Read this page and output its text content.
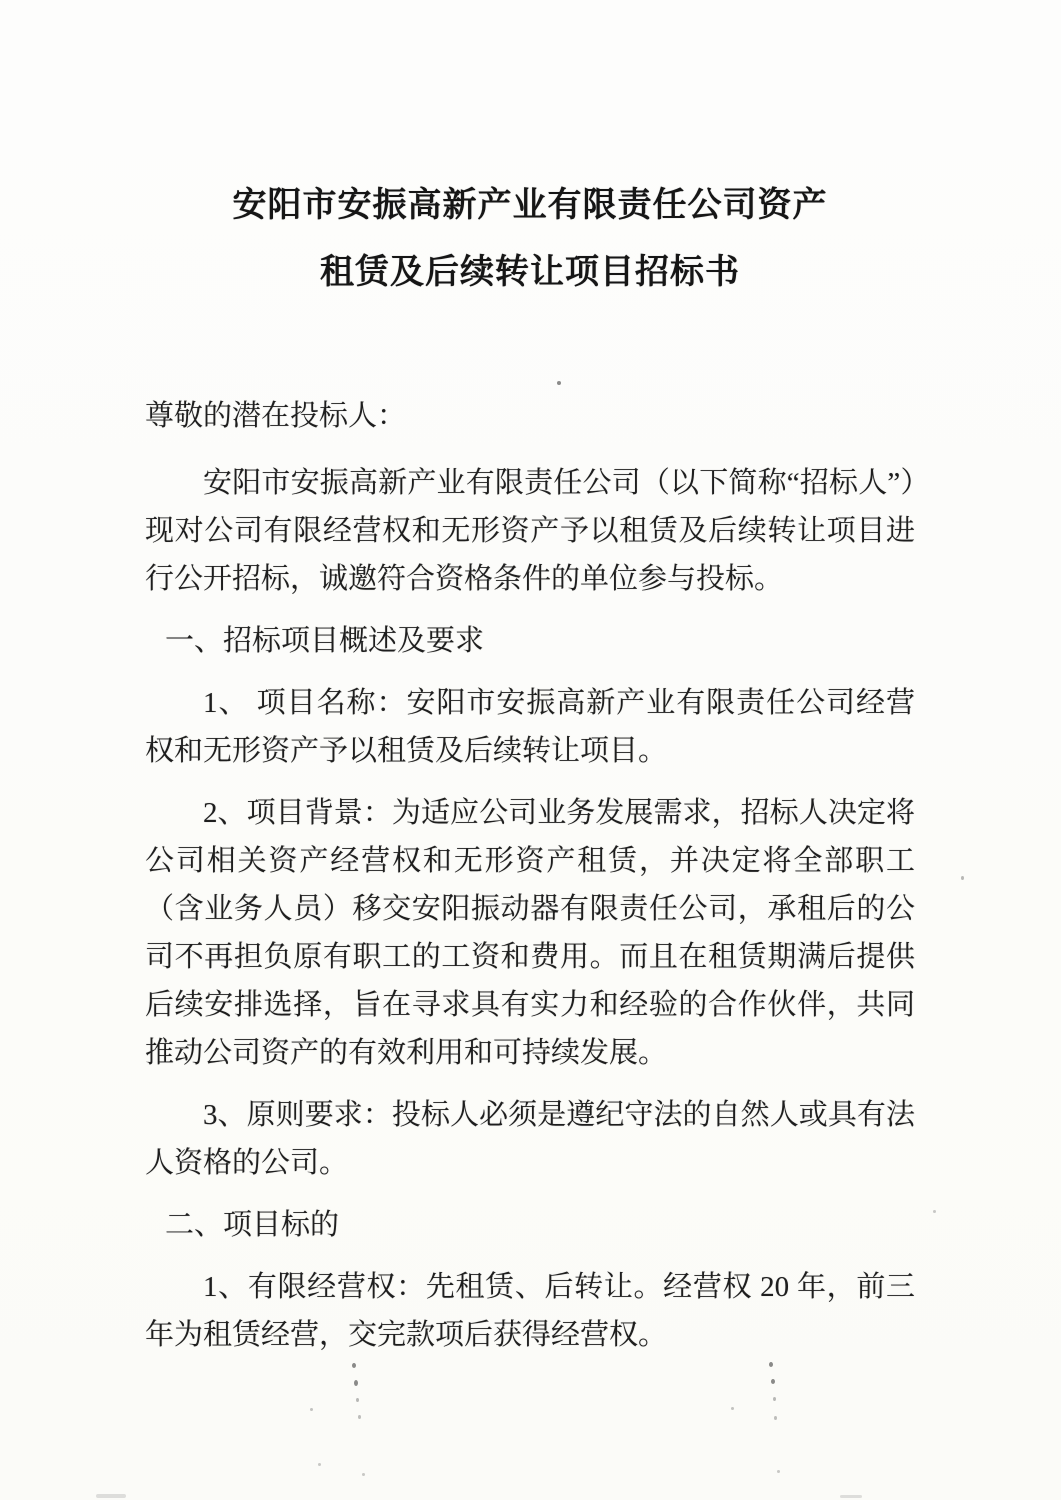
安阳市安振高新产业有限责任公司资产
租赁及后续转让项目招标书
尊敬的潜在投标人：
安阳市安振高新产业有限责任公司（以下简称“招标人”）现对公司有限经营权和无形资产予以租赁及后续转让项目进行公开招标，诚邀符合资格条件的单位参与投标。
一、招标项目概述及要求
1、 项目名称：安阳市安振高新产业有限责任公司经营权和无形资产予以租赁及后续转让项目。
2、项目背景：为适应公司业务发展需求，招标人决定将公司相关资产经营权和无形资产租赁，并决定将全部职工（含业务人员）移交安阳振动器有限责任公司，承租后的公司不再担负原有职工的工资和费用。而且在租赁期满后提供后续安排选择，旨在寻求具有实力和经验的合作伙伴，共同推动公司资产的有效利用和可持续发展。
3、原则要求：投标人必须是遵纪守法的自然人或具有法人资格的公司。
二、项目标的
1、有限经营权：先租赁、后转让。经营权 20 年，前三年为租赁经营，交完款项后获得经营权。
